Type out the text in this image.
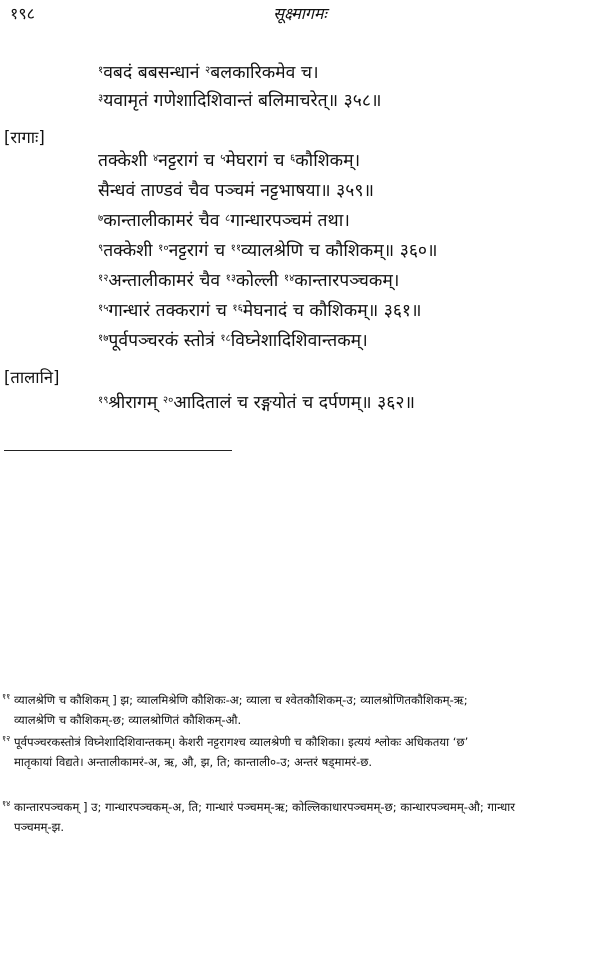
१९८	सूक्ष्मागमः
$^१$वबदं बबसन्धानं $^२$बलकारिकमेव च।
$^३$यवामृतं गणेशादिशिवान्तं बलिमाचरेत्॥ ३५८॥
[रागाः]
तक्केशी $^४$नट्टरागं च $^५$मेघरागं च $^६$कौशिकम्।
सैन्धवं ताण्डवं चैव पञ्चमं नट्टभाषया॥ ३५९॥
$^७$कान्तालीकामरं चैव $^८$गान्धारपञ्चमं तथा।
$^९$तक्केशी $^{१०}$नट्टरागं च $^{११}$व्यालश्रेणि च कौशिकम्॥ ३६०॥
$^{१२}$अन्तालीकामरं चैव $^{१३}$कोल्ली $^{१४}$कान्तारपञ्चकम्।
$^{१५}$गान्धारं तक्करागं च $^{१६}$मेघनादं च कौशिकम्॥ ३६१॥
$^{१७}$पूर्वपञ्चरकं स्तोत्रं $^{१८}$विघ्नेशादिशिवान्तकम्।
[तालानि]
$^{१९}$श्रीरागम् $^{२०}$आदितालं च रङ्गयोतं च दर्पणम्॥ ३६२॥
११ व्यालश्रेणि च कौशिकम् ] झ; व्यालमिश्रेणि कौशिकः-अ; व्याला च श्वेतकौशिकम्-उ; व्यालश्रोणितकौशिकम्-ऋ;
व्यालश्रेणि च कौशिकम्-छ; व्यालश्रोणितं कौशिकम्-औ.
१२ पूर्वपञ्चरकस्तोत्रं विघ्नेशादिशिवान्तकम्। केशरी नट्टरागश्च व्यालश्रेणी च कौशिका। इत्ययं श्लोकः अधिकतया ‘छ’
मातृकायां विद्यते। अन्तालीकामरं-अ, ऋ, औ, झ, ति; कान्ताली०-उ; अन्तरं षड्मामरं-छ.
१४ कान्तारपञ्चकम् ] उ; गान्धारपञ्चकम्-अ, ति; गान्धारं पञ्चमम्-ऋ; कोल्लिकाधारपञ्चमम्-छ; कान्धारपञ्चमम्-औ; गान्धार
पञ्चमम्-झ.
